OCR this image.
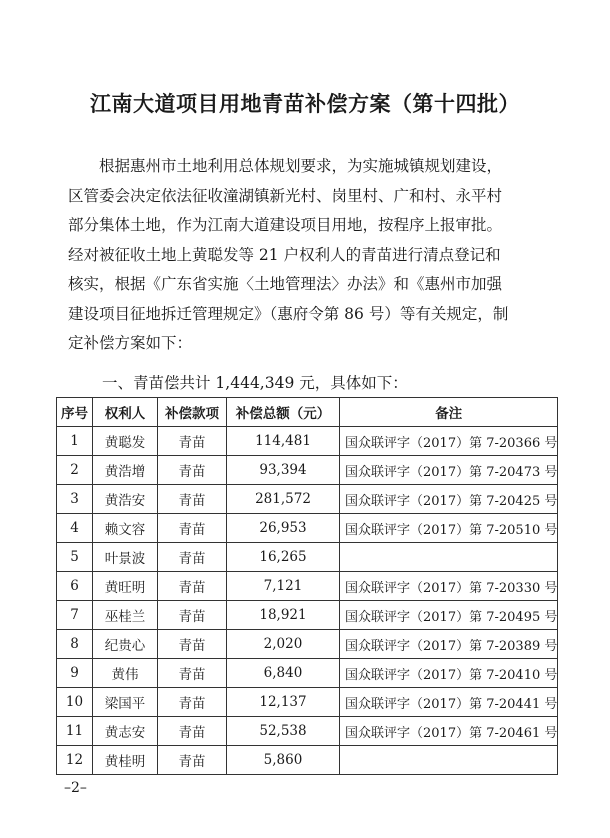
江南大道项目用地青苗补偿方案（第十四批）
　　根据惠州市土地利用总体规划要求，为实施城镇规划建设，
区管委会决定依法征收潼湖镇新光村、岗里村、广和村、永平村
部分集体土地，作为江南大道建设项目用地，按程序上报审批。
经对被征收土地上黄聪发等 21 户权利人的青苗进行清点登记和
核实，根据《广东省实施〈土地管理法〉办法》和《惠州市加强
建设项目征地拆迁管理规定》（惠府令第 86 号）等有关规定，制
定补偿方案如下：
一、青苗偿共计 1,444,349 元，具体如下：
序号	权利人	补偿款项	补偿总额（元）	备注
1	黄聪发	青苗	114,481	国众联评字（2017）第 7-20366 号
2	黄浩增	青苗	93,394	国众联评字（2017）第 7-20473 号
3	黄浩安	青苗	281,572	国众联评字（2017）第 7-20425 号
4	赖文容	青苗	26,953	国众联评字（2017）第 7-20510 号
5	叶景波	青苗	16,265	
6	黄旺明	青苗	7,121	国众联评字（2017）第 7-20330 号
7	巫桂兰	青苗	18,921	国众联评字（2017）第 7-20495 号
8	纪贵心	青苗	2,020	国众联评字（2017）第 7-20389 号
9	黄伟	青苗	6,840	国众联评字（2017）第 7-20410 号
10	梁国平	青苗	12,137	国众联评字（2017）第 7-20441 号
11	黄志安	青苗	52,538	国众联评字（2017）第 7-20461 号
12	黄桂明	青苗	5,860	
–2–
